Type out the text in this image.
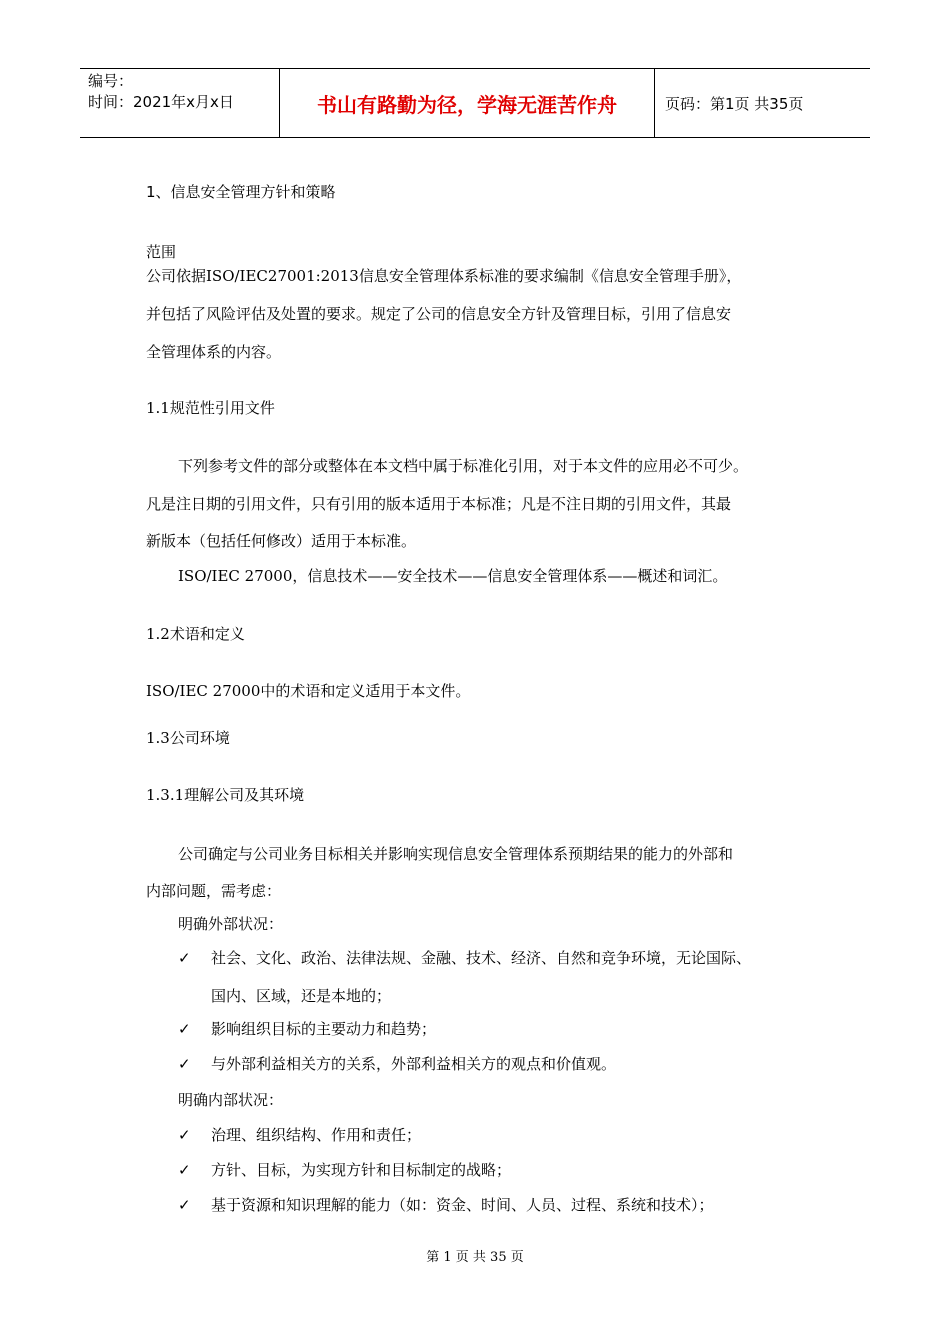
编号：
时间：2021年x月x日	书山有路勤为径，学海无涯苦作舟	页码：第1页 共35页
1、信息安全管理方针和策略
范围
公司依据ISO/IEC27001:2013信息安全管理体系标准的要求编制《信息安全管理手册》，
并包括了风险评估及处置的要求。规定了公司的信息安全方针及管理目标，引用了信息安
全管理体系的内容。
1.1规范性引用文件
下列参考文件的部分或整体在本文档中属于标准化引用，对于本文件的应用必不可少。
凡是注日期的引用文件，只有引用的版本适用于本标准；凡是不注日期的引用文件，其最
新版本（包括任何修改）适用于本标准。
ISO/IEC 27000，信息技术——安全技术——信息安全管理体系——概述和词汇。
1.2术语和定义
ISO/IEC 27000中的术语和定义适用于本文件。
1.3公司环境
1.3.1理解公司及其环境
公司确定与公司业务目标相关并影响实现信息安全管理体系预期结果的能力的外部和
内部问题，需考虑：
明确外部状况：
✓ 社会、文化、政治、法律法规、金融、技术、经济、自然和竞争环境，无论国际、
国内、区域，还是本地的；
✓ 影响组织目标的主要动力和趋势；
✓ 与外部利益相关方的关系，外部利益相关方的观点和价值观。
明确内部状况：
✓ 治理、组织结构、作用和责任；
✓ 方针、目标，为实现方针和目标制定的战略；
✓ 基于资源和知识理解的能力（如：资金、时间、人员、过程、系统和技术）；
第 1 页 共 35 页
